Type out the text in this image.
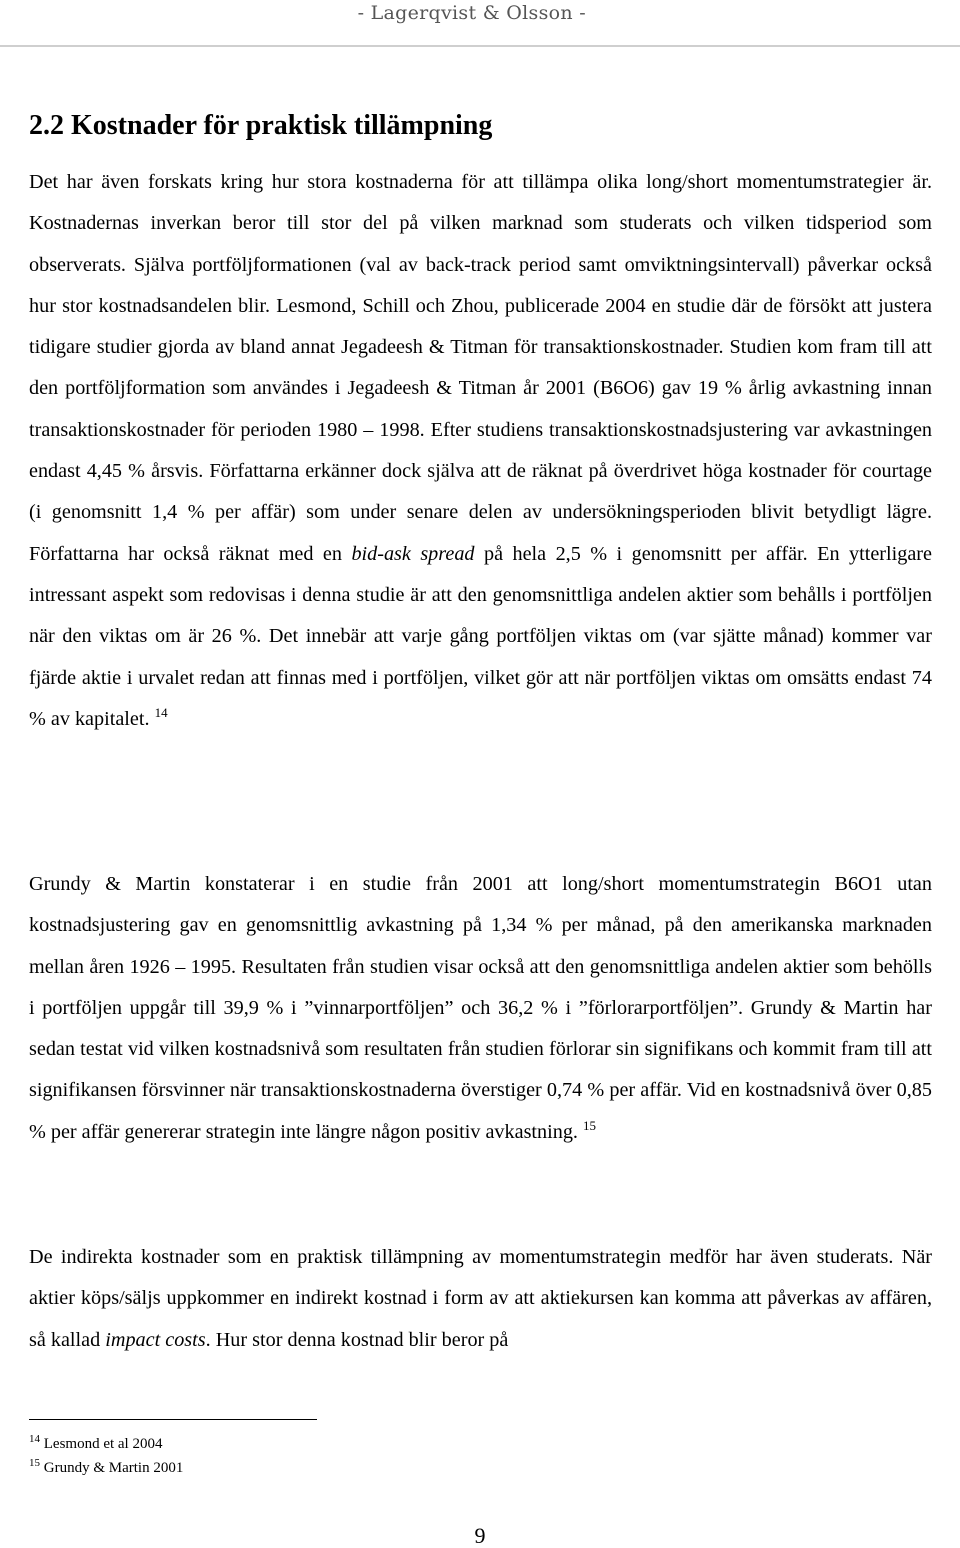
- Lagerqvist & Olsson -
2.2 Kostnader för praktisk tillämpning

Det har även forskats kring hur stora kostnaderna för att tillämpa olika long/short momentumstrategier är. Kostnadernas inverkan beror till stor del på vilken marknad som studerats och vilken tidsperiod som observerats. Själva portföljformationen (val av back-track period samt omviktningsintervall) påverkar också hur stor kostnadsandelen blir. Lesmond, Schill och Zhou, publicerade 2004 en studie där de försökt att justera tidigare studier gjorda av bland annat Jegadeesh & Titman för transaktionskostnader. Studien kom fram till att den portföljformation som användes i Jegadeesh & Titman år 2001 (B6O6) gav 19 % årlig avkastning innan transaktionskostnader för perioden 1980 – 1998. Efter studiens transaktionskostnadsjustering var avkastningen endast 4,45 % årsvis. Författarna erkänner dock själva att de räknat på överdrivet höga kostnader för courtage (i genomsnitt 1,4 % per affär) som under senare delen av undersökningsperioden blivit betydligt lägre. Författarna har också räknat med en bid-ask spread på hela 2,5 % i genomsnitt per affär. En ytterligare intressant aspekt som redovisas i denna studie är att den genomsnittliga andelen aktier som behålls i portföljen när den viktas om är 26 %. Det innebär att varje gång portföljen viktas om (var sjätte månad) kommer var fjärde aktie i urvalet redan att finnas med i portföljen, vilket gör att när portföljen viktas om omsätts endast 74 % av kapitalet. $^{14}$

Grundy & Martin konstaterar i en studie från 2001 att long/short momentumstrategin B6O1 utan kostnadsjustering gav en genomsnittlig avkastning på 1,34 % per månad, på den amerikanska marknaden mellan åren 1926 – 1995. Resultaten från studien visar också att den genomsnittliga andelen aktier som behölls i portföljen uppgår till 39,9 % i ”vinnarportföljen” och 36,2 % i ”förlorarportföljen”. Grundy & Martin har sedan testat vid vilken kostnadsnivå som resultaten från studien förlorar sin signifikans och kommit fram till att signifikansen försvinner när transaktionskostnaderna överstiger 0,74 % per affär. Vid en kostnadsnivå över 0,85 % per affär genererar strategin inte längre någon positiv avkastning. $^{15}$

De indirekta kostnader som en praktisk tillämpning av momentumstrategin medför har även studerats. När aktier köps/säljs uppkommer en indirekt kostnad i form av att aktiekursen kan komma att påverkas av affären, så kallad impact costs. Hur stor denna kostnad blir beror på

$^{14}$ Lesmond et al 2004
$^{15}$ Grundy & Martin 2001
9
